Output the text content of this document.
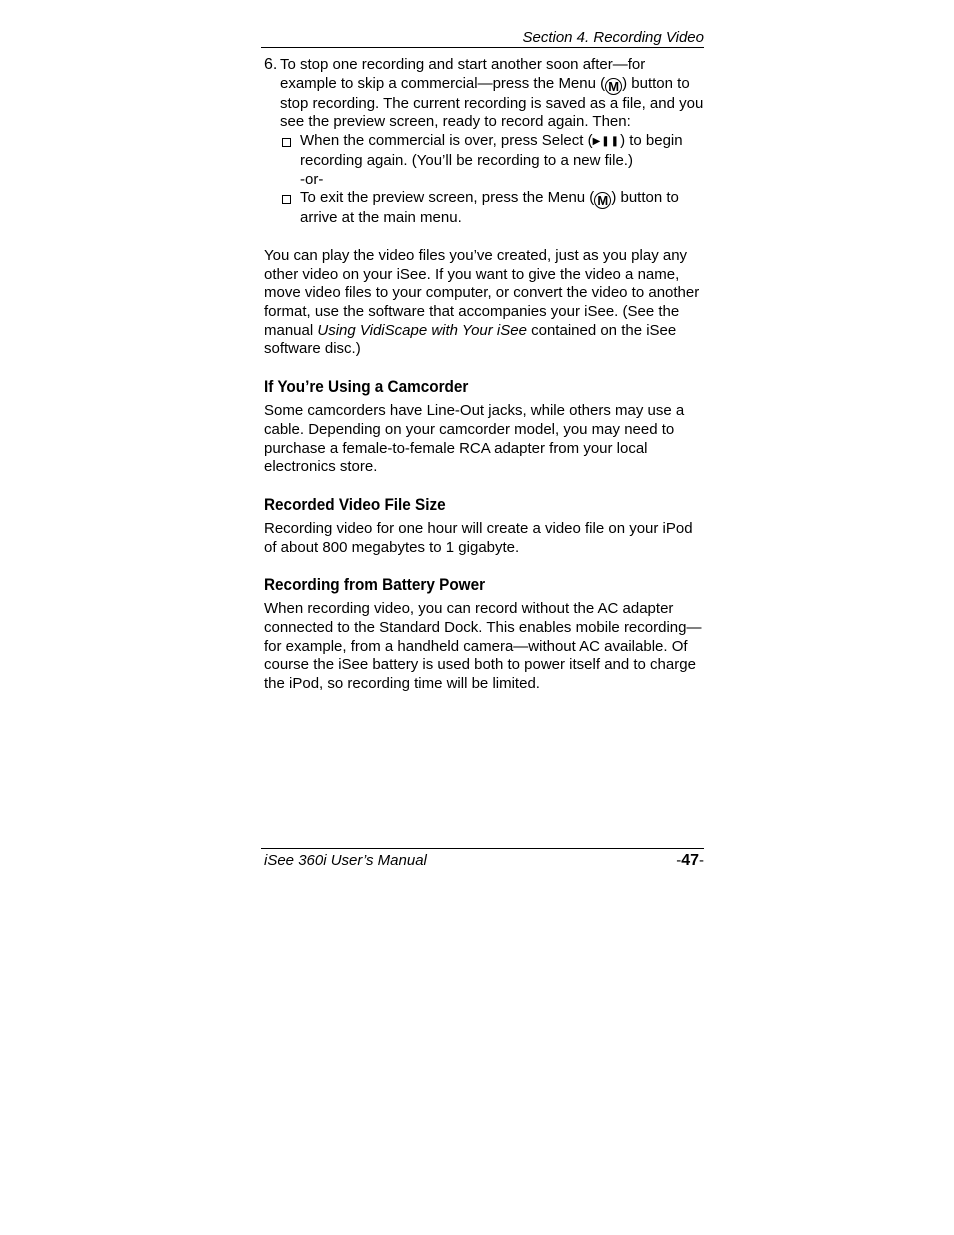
Section 4. Recording Video
6. To stop one recording and start another soon after—for example to skip a commercial—press the Menu ( M ) button to stop recording. The current recording is saved as a file, and you see the preview screen, ready to record again. Then:

When the commercial is over, press Select (▶❚❚) to begin recording again. (You’ll be recording to a new file.)
-or-
To exit the preview screen, press the Menu ( M ) button to arrive at the main menu.

You can play the video files you’ve created, just as you play any other video on your iSee. If you want to give the video a name, move video files to your computer, or convert the video to another format, use the software that accompanies your iSee. (See the manual Using VidiScape with Your iSee contained on the iSee software disc.)

If You’re Using a Camcorder

Some camcorders have Line-Out jacks, while others may use a cable. Depending on your camcorder model, you may need to purchase a female-to-female RCA adapter from your local electronics store.

Recorded Video File Size

Recording video for one hour will create a video file on your iPod of about 800 megabytes to 1 gigabyte.

Recording from Battery Power

When recording video, you can record without the AC adapter connected to the Standard Dock. This enables mobile recording—for example, from a handheld camera—without AC available. Of course the iSee battery is used both to power itself and to charge the iPod, so recording time will be limited.

iSee 360i User’s Manual	-47-
